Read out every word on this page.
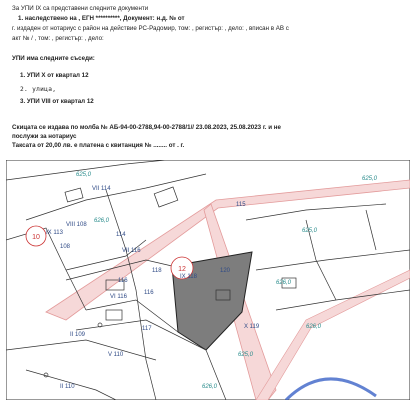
За УПИ IX са представени следните документи
1. наследствено на , ЕГН **********, Документ: н.д. № от
г. издаден от нотариус с район на действие РС-Радомир, том: , регистър: , дело: , вписан в АВ с
акт № / , том: , регистър: , дело:
УПИ има следните съседи:
1. УПИ X от квартал 12
2. улица,
3. УПИ VIII от квартал 12
Скицата се издава по молба № АБ-94-00-2788,94-00-2788/1// 23.08.2023, 25.08.2023 г. и не
послужи за нотариус
Таксата от 20,00 лв. е платена с квитанция № ........ от . г.
10
12
VII 114
108
IX 113	114
VIII 108
VII 116
118
IX 118
VI 116
116
117
115
120
X 119
II 109
V 110
II 110
116
625,0
625,0
626,0
625,0
626,0
626,0
626,0
625,0
